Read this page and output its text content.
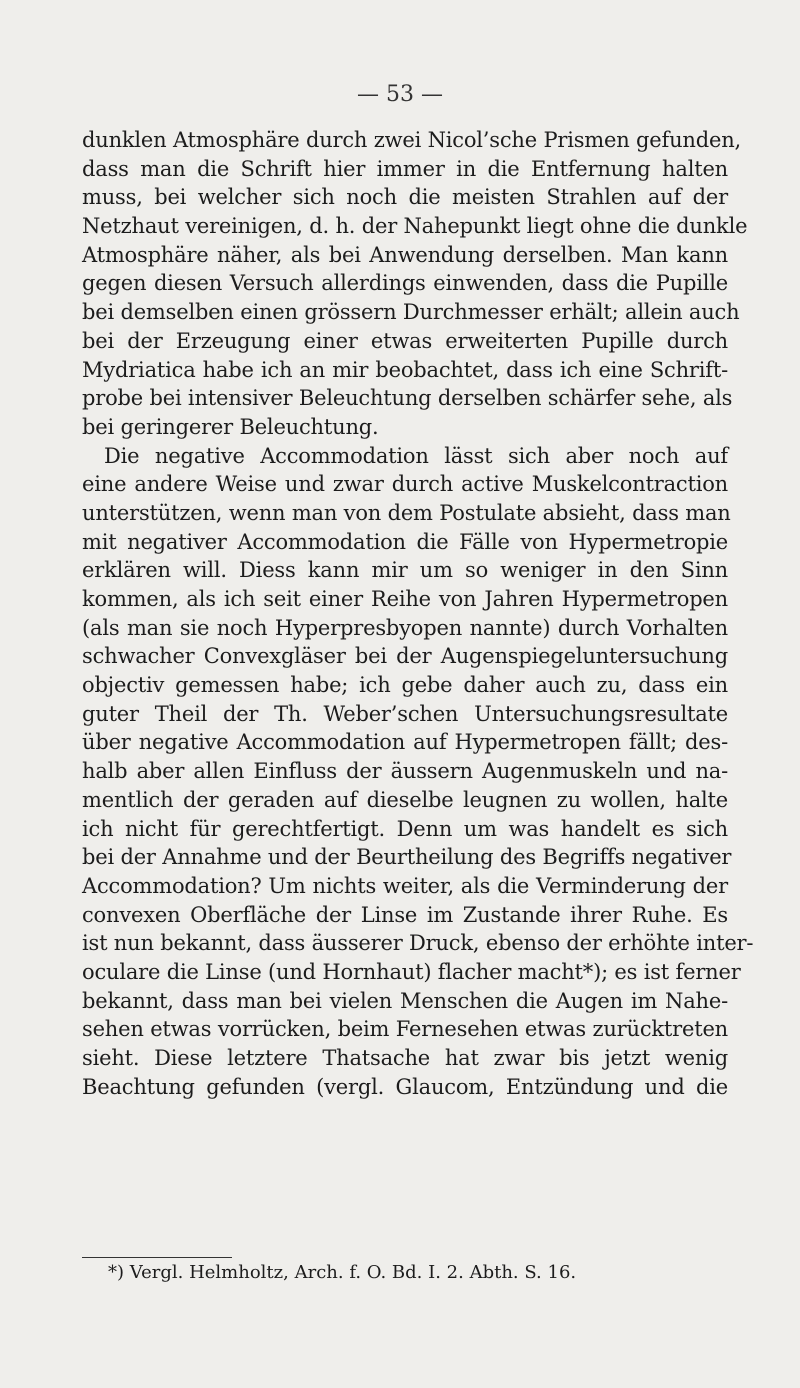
— 53 —
dunklen Atmosphäre durch zwei Nicol’sche Prismen gefunden,
dass man die Schrift hier immer in die Entfernung halten
muss, bei welcher sich noch die meisten Strahlen auf der
Netzhaut vereinigen, d. h. der Nahepunkt liegt ohne die dunkle
Atmosphäre näher, als bei Anwendung derselben. Man kann
gegen diesen Versuch allerdings einwenden, dass die Pupille
bei demselben einen grössern Durchmesser erhält; allein auch
bei der Erzeugung einer etwas erweiterten Pupille durch
Mydriatica habe ich an mir beobachtet, dass ich eine Schrift-
probe bei intensiver Beleuchtung derselben schärfer sehe, als
bei geringerer Beleuchtung.
Die negative Accommodation lässt sich aber noch auf
eine andere Weise und zwar durch active Muskelcontraction
unterstützen, wenn man von dem Postulate absieht, dass man
mit negativer Accommodation die Fälle von Hypermetropie
erklären will. Diess kann mir um so weniger in den Sinn
kommen, als ich seit einer Reihe von Jahren Hypermetropen
(als man sie noch Hyperpresbyopen nannte) durch Vorhalten
schwacher Convexgläser bei der Augenspiegeluntersuchung
objectiv gemessen habe; ich gebe daher auch zu, dass ein
guter Theil der Th. Weber’schen Untersuchungsresultate
über negative Accommodation auf Hypermetropen fällt; des-
halb aber allen Einfluss der äussern Augenmuskeln und na-
mentlich der geraden auf dieselbe leugnen zu wollen, halte
ich nicht für gerechtfertigt. Denn um was handelt es sich
bei der Annahme und der Beurtheilung des Begriffs negativer
Accommodation? Um nichts weiter, als die Verminderung der
convexen Oberfläche der Linse im Zustande ihrer Ruhe. Es
ist nun bekannt, dass äusserer Druck, ebenso der erhöhte inter-
oculare die Linse (und Hornhaut) flacher macht*); es ist ferner
bekannt, dass man bei vielen Menschen die Augen im Nahe-
sehen etwas vorrücken, beim Fernesehen etwas zurücktreten
sieht. Diese letztere Thatsache hat zwar bis jetzt wenig
Beachtung gefunden (vergl. Glaucom, Entzündung und die
*) Vergl. Helmholtz, Arch. f. O. Bd. I. 2. Abth. S. 16.
